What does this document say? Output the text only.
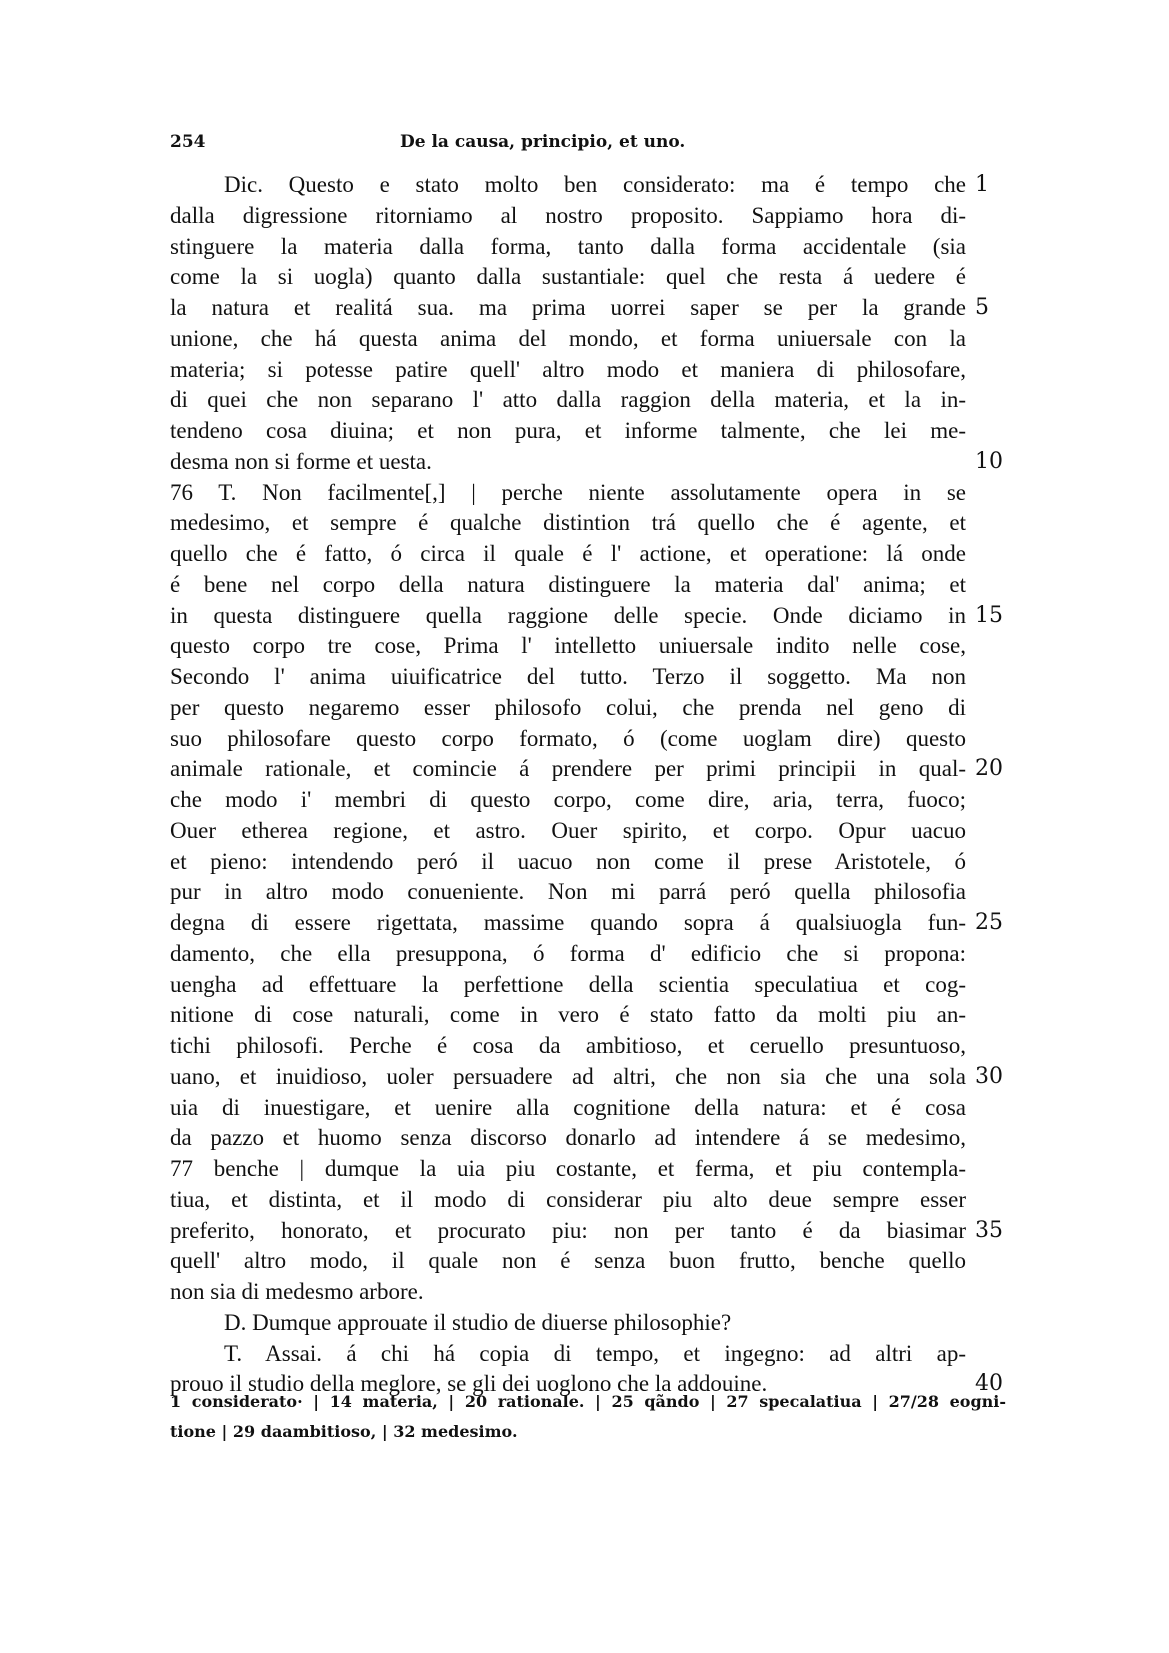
254	De la causa, principio, et uno.
Dic. Questo e stato molto ben considerato: ma é tempo che 1
dalla digressione ritorniamo al nostro proposito. Sappiamo hora di-
stinguere la materia dalla forma, tanto dalla forma accidentale (sia
come la si uogla) quanto dalla sustantiale: quel che resta á uedere é
la natura et realitá sua. ma prima uorrei saper se per la grande 5
unione, che há questa anima del mondo, et forma uniuersale con la
materia; si potesse patire quell' altro modo et maniera di philosofare,
di quei che non separano l' atto dalla raggion della materia, et la in-
tendeno cosa diuina; et non pura, et informe talmente, che lei me-
desma non si forme et uesta.	10
76 T. Non facilmente[,] | perche niente assolutamente opera in se
medesimo, et sempre é qualche distintion trá quello che é agente, et
quello che é fatto, ó circa il quale é l' actione, et operatione: lá onde
é bene nel corpo della natura distinguere la materia dal' anima; et
in questa distinguere quella raggione delle specie. Onde diciamo in 15
questo corpo tre cose, Prima l' intelletto uniuersale indito nelle cose,
Secondo l' anima uiuificatrice del tutto. Terzo il soggetto. Ma non
per questo negaremo esser philosofo colui, che prenda nel geno di
suo philosofare questo corpo formato, ó (come uoglam dire) questo
animale rationale, et comincie á prendere per primi principii in qual- 20
che modo i' membri di questo corpo, come dire, aria, terra, fuoco;
Ouer etherea regione, et astro. Ouer spirito, et corpo. Opur uacuo
et pieno: intendendo peró il uacuo non come il prese Aristotele, ó
pur in altro modo conueniente. Non mi parrá peró quella philosofia
degna di essere rigettata, massime quando sopra á qualsiuogla fun- 25
damento, che ella presuppona, ó forma d' edificio che si propona:
uengha ad effettuare la perfettione della scientia speculatiua et cog-
nitione di cose naturali, come in vero é stato fatto da molti piu an-
tichi philosofi. Perche é cosa da ambitioso, et ceruello presuntuoso,
uano, et inuidioso, uoler persuadere ad altri, che non sia che una sola 30
uia di inuestigare, et uenire alla cognitione della natura: et é cosa
da pazzo et huomo senza discorso donarlo ad intendere á se medesimo,
77 benche | dumque la uia piu costante, et ferma, et piu contempla-
tiua, et distinta, et il modo di considerar piu alto deue sempre esser
preferito, honorato, et procurato piu: non per tanto é da biasimar 35
quell' altro modo, il quale non é senza buon frutto, benche quello
non sia di medesmo arbore.
D. Dumque approuate il studio de diuerse philosophie?
T. Assai. á chi há copia di tempo, et ingegno: ad altri ap-
prouo il studio della meglore, se gli dei uoglono che la addouine.	40
1 considerato· | 14 materia, | 20 rationale. | 25 qãndo | 27 specalatiua | 27/28 eogni-
tione | 29 daambitioso, | 32 medesimo.
